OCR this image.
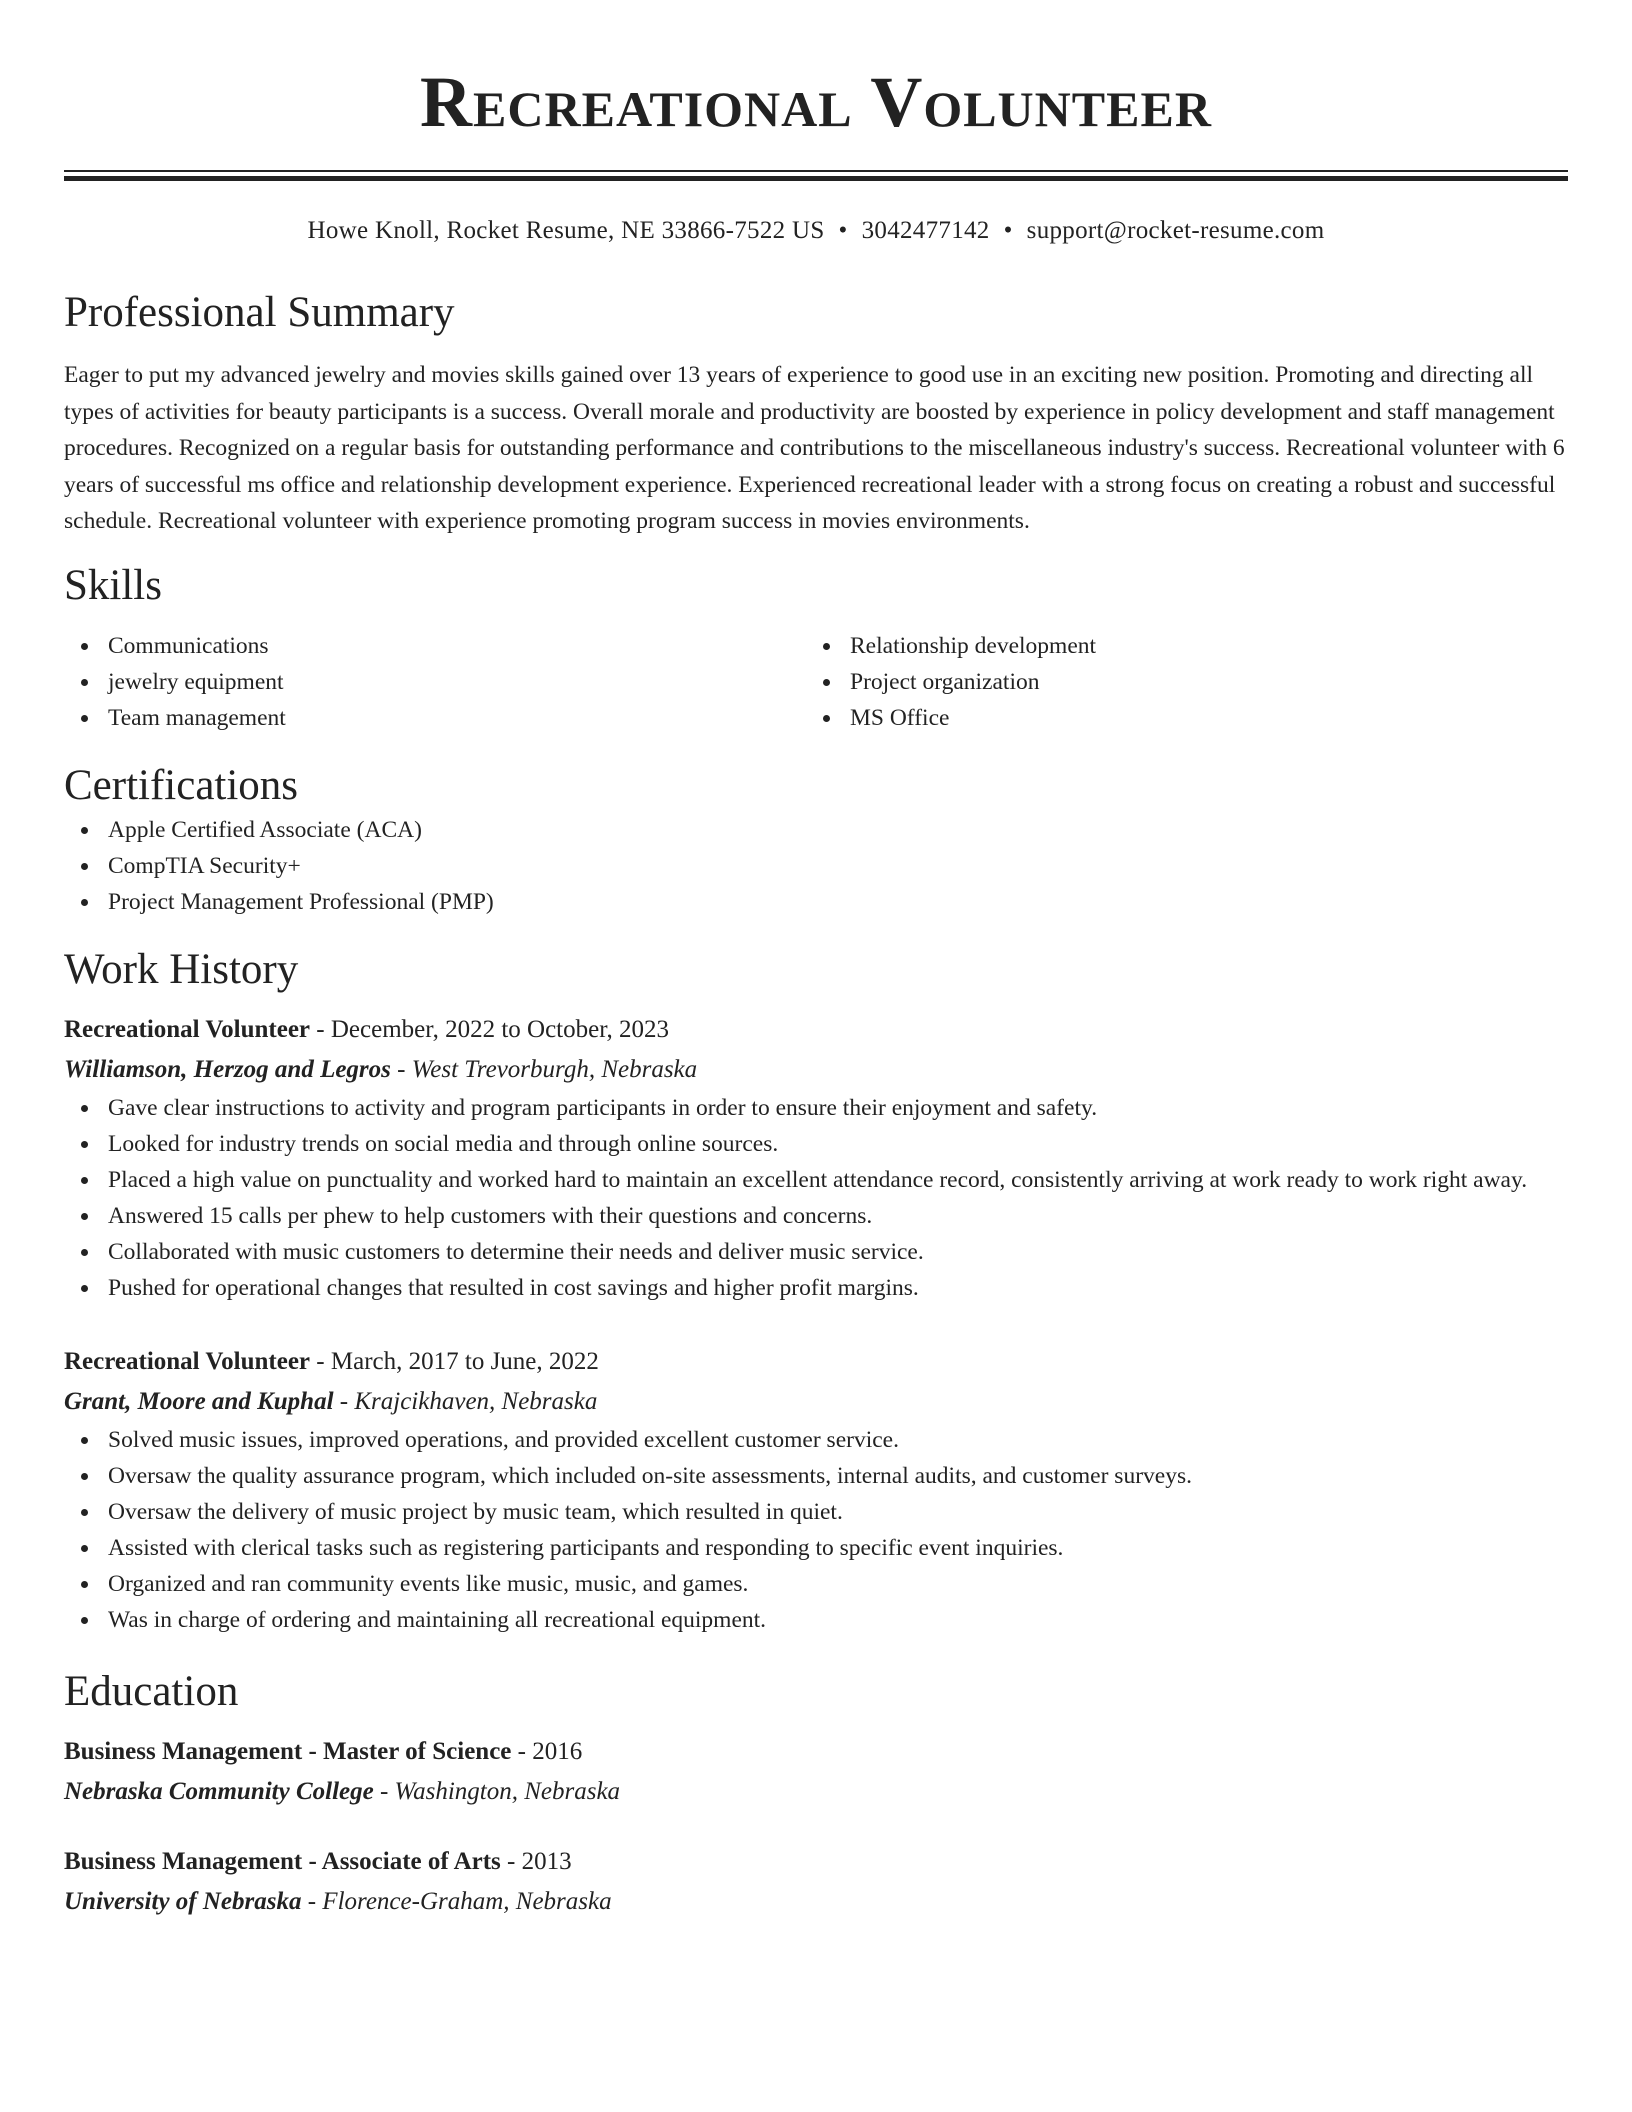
Recreational Volunteer
Howe Knoll, Rocket Resume, NE 33866-7522 US • 3042477142 • support@rocket-resume.com
Professional Summary

Eager to put my advanced jewelry and movies skills gained over 13 years of experience to good use in an exciting new position. Promoting and directing all types of activities for beauty participants is a success. Overall morale and productivity are boosted by experience in policy development and staff management procedures. Recognized on a regular basis for outstanding performance and contributions to the miscellaneous industry's success. Recreational volunteer with 6 years of successful ms office and relationship development experience. Experienced recreational leader with a strong focus on creating a robust and successful schedule. Recreational volunteer with experience promoting program success in movies environments.

Skills
Communications
jewelry equipment
Team management
Relationship development
Project organization
MS Office
Certifications
Apple Certified Associate (ACA)
CompTIA Security+
Project Management Professional (PMP)
Work History
Recreational Volunteer - December, 2022 to October, 2023
Williamson, Herzog and Legros - West Trevorburgh, Nebraska
Gave clear instructions to activity and program participants in order to ensure their enjoyment and safety.
Looked for industry trends on social media and through online sources.
Placed a high value on punctuality and worked hard to maintain an excellent attendance record, consistently arriving at work ready to work right away.
Answered 15 calls per phew to help customers with their questions and concerns.
Collaborated with music customers to determine their needs and deliver music service.
Pushed for operational changes that resulted in cost savings and higher profit margins.
Recreational Volunteer - March, 2017 to June, 2022
Grant, Moore and Kuphal - Krajcikhaven, Nebraska
Solved music issues, improved operations, and provided excellent customer service.
Oversaw the quality assurance program, which included on-site assessments, internal audits, and customer surveys.
Oversaw the delivery of music project by music team, which resulted in quiet.
Assisted with clerical tasks such as registering participants and responding to specific event inquiries.
Organized and ran community events like music, music, and games.
Was in charge of ordering and maintaining all recreational equipment.
Education
Business Management - Master of Science - 2016
Nebraska Community College - Washington, Nebraska
Business Management - Associate of Arts - 2013
University of Nebraska - Florence-Graham, Nebraska
